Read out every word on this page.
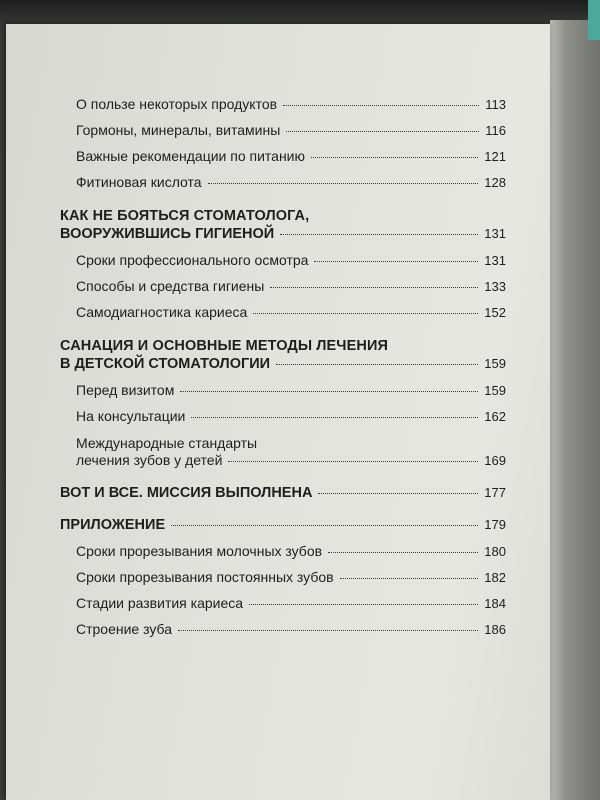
О пользе некоторых продуктов	113
Гормоны, минералы, витамины	116
Важные рекомендации по питанию	121
Фитиновая кислота	128
КАК НЕ БОЯТЬСЯ СТОМАТОЛОГА,
ВООРУЖИВШИСЬ ГИГИЕНОЙ	131
Сроки профессионального осмотра	131
Способы и средства гигиены	133
Самодиагностика кариеса	152
САНАЦИЯ И ОСНОВНЫЕ МЕТОДЫ ЛЕЧЕНИЯ
В ДЕТСКОЙ СТОМАТОЛОГИИ	159
Перед визитом	159
На консультации	162
Международные стандарты
лечения зубов у детей	169
ВОТ И ВСЕ. МИССИЯ ВЫПОЛНЕНА	177
ПРИЛОЖЕНИЕ	179
Сроки прорезывания молочных зубов	180
Сроки прорезывания постоянных зубов	182
Стадии развития кариеса	184
Строение зуба	186
